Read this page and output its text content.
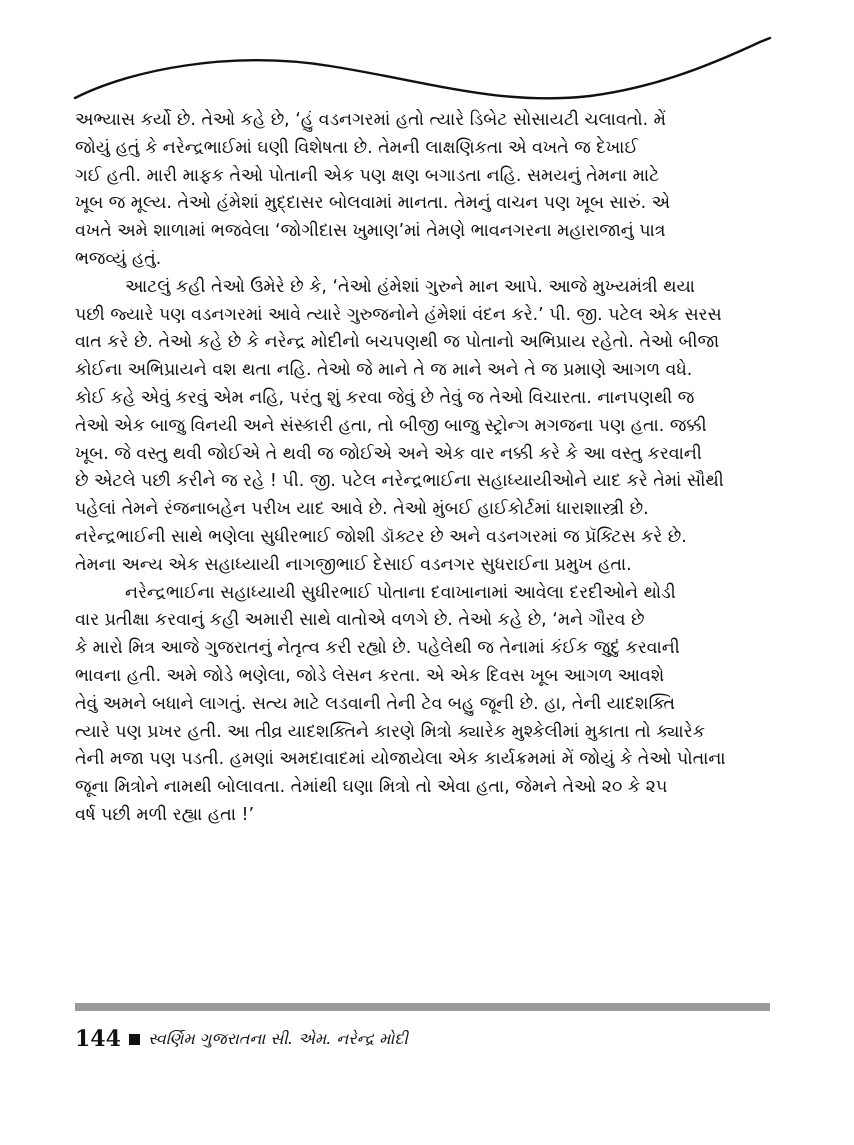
અભ્યાસ કર્યો છે. તેઓ કહે છે, ‘હું વડનગરમાં હતો ત્યારે ડિબેટ સોસાયટી ચલાવતો. મેં
જોયું હતું કે નરેન્દ્રભાઈમાં ઘણી વિશેષતા છે. તેમની લાક્ષણિકતા એ વખતે જ દેખાઈ
ગઈ હતી. મારી માફક તેઓ પોતાની એક પણ ક્ષણ બગાડતા નહિ. સમયનું તેમના માટે
ખૂબ જ મૂલ્ય. તેઓ હંમેશાં મુદ્દાસર બોલવામાં માનતા. તેમનું વાચન પણ ખૂબ સારું. એ
વખતે અમે શાળામાં ભજવેલા ‘જોગીદાસ ખુમાણ’માં તેમણે ભાવનગરના મહારાજાનું પાત્ર
ભજવ્યું હતું.
આટલું કહી તેઓ ઉમેરે છે કે, ‘તેઓ હંમેશાં ગુરુને માન આપે. આજે મુખ્યમંત્રી થયા
પછી જ્યારે પણ વડનગરમાં આવે ત્યારે ગુરુજનોને હંમેશાં વંદન કરે.’ પી. જી. પટેલ એક સરસ
વાત કરે છે. તેઓ કહે છે કે નરેન્દ્ર મોદીનો બચપણથી જ પોતાનો અભિપ્રાય રહેતો. તેઓ બીજા
કોઈના અભિપ્રાયને વશ થતા નહિ. તેઓ જે માને તે જ માને અને તે જ પ્રમાણે આગળ વધે.
કોઈ કહે એવું કરવું એમ નહિ, પરંતુ શું કરવા જેવું છે તેવું જ તેઓ વિચારતા. નાનપણથી જ
તેઓ એક બાજુ વિનયી અને સંસ્કારી હતા, તો બીજી બાજુ સ્ટ્રોન્ગ મગજના પણ હતા. જક્કી
ખૂબ. જે વસ્તુ થવી જોઈએ તે થવી જ જોઈએ અને એક વાર નક્કી કરે કે આ વસ્તુ કરવાની
છે એટલે પછી કરીને જ રહે ! પી. જી. પટેલ નરેન્દ્રભાઈના સહાધ્યાયીઓને યાદ કરે તેમાં સૌથી
પહેલાં તેમને રંજનાબહેન પરીખ યાદ આવે છે. તેઓ મુંબઈ હાઈકોર્ટમાં ધારાશાસ્ત્રી છે.
નરેન્દ્રભાઈની સાથે ભણેલા સુધીરભાઈ જોશી ડૉક્ટર છે અને વડનગરમાં જ પ્રૅક્ટિસ કરે છે.
તેમના અન્ય એક સહાધ્યાયી નાગજીભાઈ દેસાઈ વડનગર સુધરાઈના પ્રમુખ હતા.
નરેન્દ્રભાઈના સહાધ્યાયી સુધીરભાઈ પોતાના દવાખાનામાં આવેલા દરદીઓને થોડી
વાર પ્રતીક્ષા કરવાનું કહી અમારી સાથે વાતોએ વળગે છે. તેઓ કહે છે, ‘મને ગૌરવ છે
કે મારો મિત્ર આજે ગુજરાતનું નેતૃત્વ કરી રહ્યો છે. પહેલેથી જ તેનામાં કંઈક જુદું કરવાની
ભાવના હતી. અમે જોડે ભણેલા, જોડે લેસન કરતા. એ એક દિવસ ખૂબ આગળ આવશે
તેવું અમને બધાને લાગતું. સત્ય માટે લડવાની તેની ટેવ બહુ જૂની છે. હા, તેની યાદશક્તિ
ત્યારે પણ પ્રખર હતી. આ તીવ્ર યાદશક્તિને કારણે મિત્રો ક્યારેક મુશ્કેલીમાં મુકાતા તો ક્યારેક
તેની મજા પણ પડતી. હમણાં અમદાવાદમાં યોજાયેલા એક કાર્યક્રમમાં મેં જોયું કે તેઓ પોતાના
જૂના મિત્રોને નામથી બોલાવતા. તેમાંથી ઘણા મિત્રો તો એવા હતા, જેમને તેઓ ૨૦ કે ૨૫
વર્ષ પછી મળી રહ્યા હતા !’
144 સ્વર્ણિમ ગુજરાતના સી. એમ. નરેન્દ્ર મોદી
